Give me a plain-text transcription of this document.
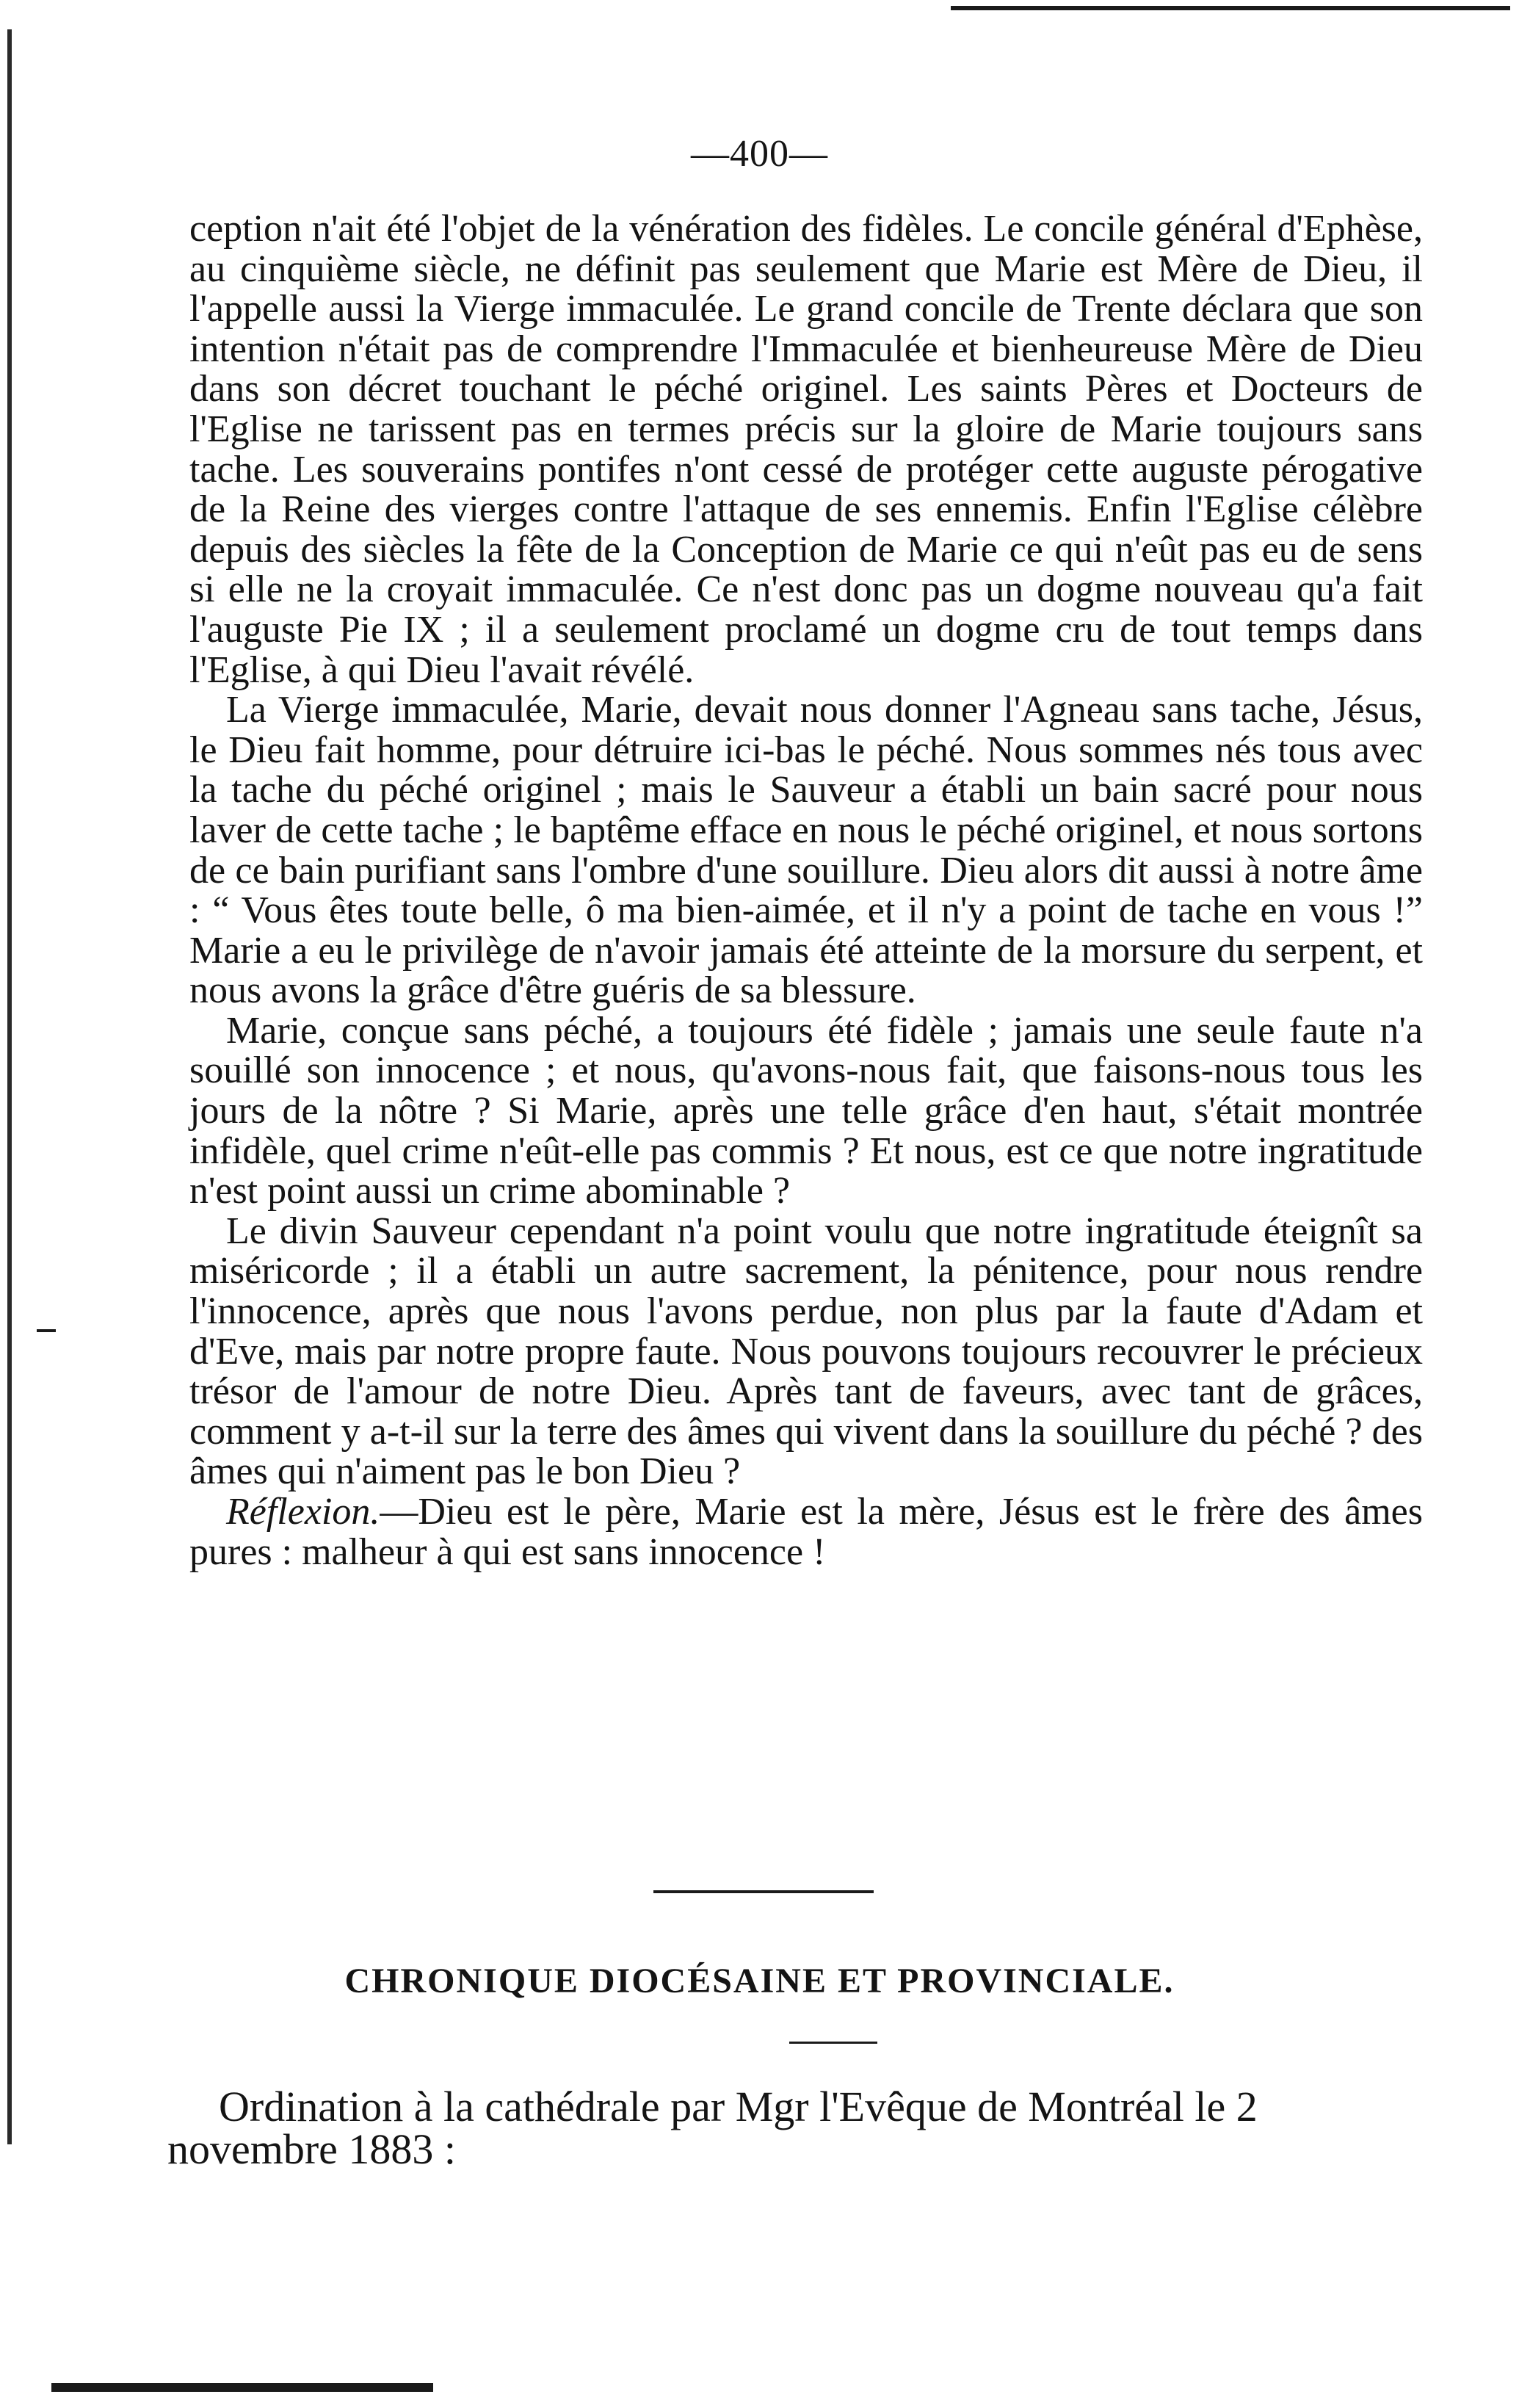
—400—

ception n'ait été l'objet de la vénération des fidèles. Le concile général d'Ephèse, au cinquième siècle, ne définit pas seulement que Marie est Mère de Dieu, il l'appelle aussi la Vierge immaculée. Le grand concile de Trente déclara que son intention n'était pas de comprendre l'Immaculée et bienheureuse Mère de Dieu dans son décret touchant le péché originel. Les saints Pères et Docteurs de l'Eglise ne tarissent pas en termes précis sur la gloire de Marie toujours sans tache. Les souverains pontifes n'ont cessé de protéger cette auguste pérogative de la Reine des vierges contre l'attaque de ses ennemis. Enfin l'Eglise célèbre depuis des siècles la fête de la Conception de Marie ce qui n'eût pas eu de sens si elle ne la croyait immaculée. Ce n'est donc pas un dogme nouveau qu'a fait l'auguste Pie IX ; il a seulement proclamé un dogme cru de tout temps dans l'Eglise, à qui Dieu l'avait révélé.

La Vierge immaculée, Marie, devait nous donner l'Agneau sans tache, Jésus, le Dieu fait homme, pour détruire ici-bas le péché. Nous sommes nés tous avec la tache du péché originel ; mais le Sauveur a établi un bain sacré pour nous laver de cette tache ; le baptême efface en nous le péché originel, et nous sortons de ce bain purifiant sans l'ombre d'une souillure. Dieu alors dit aussi à notre âme : “ Vous êtes toute belle, ô ma bien-aimée, et il n'y a point de tache en vous !” Marie a eu le privilège de n'avoir jamais été atteinte de la morsure du serpent, et nous avons la grâce d'être guéris de sa blessure.

Marie, conçue sans péché, a toujours été fidèle ; jamais une seule faute n'a souillé son innocence ; et nous, qu'avons-nous fait, que faisons-nous tous les jours de la nôtre ? Si Marie, après une telle grâce d'en haut, s'était montrée infidèle, quel crime n'eût-elle pas commis ? Et nous, est ce que notre ingratitude n'est point aussi un crime abominable ?

Le divin Sauveur cependant n'a point voulu que notre ingratitude éteignît sa miséricorde ; il a établi un autre sacrement, la pénitence, pour nous rendre l'innocence, après que nous l'avons perdue, non plus par la faute d'Adam et d'Eve, mais par notre propre faute. Nous pouvons toujours recouvrer le précieux trésor de l'amour de notre Dieu. Après tant de faveurs, avec tant de grâces, comment y a-t-il sur la terre des âmes qui vivent dans la souillure du péché ? des âmes qui n'aiment pas le bon Dieu ?

Réflexion.—Dieu est le père, Marie est la mère, Jésus est le frère des âmes pures : malheur à qui est sans innocence !

CHRONIQUE DIOCÉSAINE ET PROVINCIALE.
Ordination à la cathédrale par Mgr l'Evêque de Montréal le 2 novembre 1883 :
